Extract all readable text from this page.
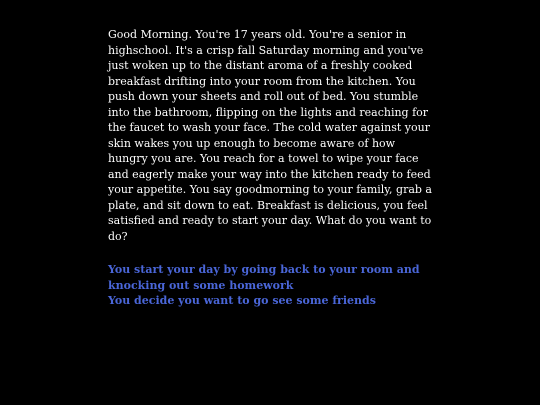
Good Morning. You're 17 years old. You're a senior in highschool. It's a crisp fall Saturday morning and you've just woken up to the distant aroma of a freshly cooked breakfast drifting into your room from the kitchen. You push down your sheets and roll out of bed. You stumble into the bathroom, flipping on the lights and reaching for the faucet to wash your face. The cold water against your skin wakes you up enough to become aware of how hungry you are. You reach for a towel to wipe your face and eagerly make your way into the kitchen ready to feed your appetite. You say goodmorning to your family, grab a plate, and sit down to eat. Breakfast is delicious, you feel satisfied and ready to start your day. What do you want to do?

You start your day by going back to your room and knocking out some homework
You decide you want to go see some friends
